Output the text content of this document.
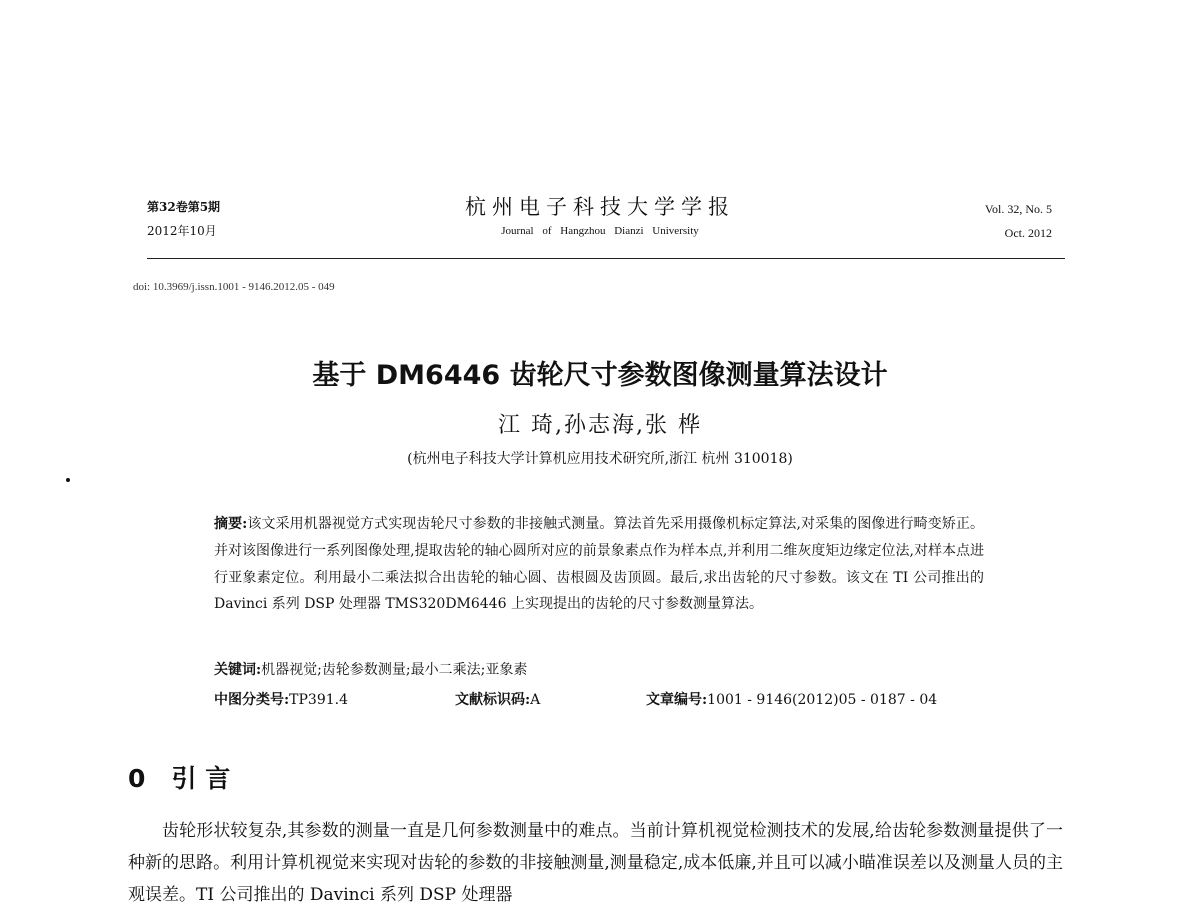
第32卷第5期
2012年10月
杭州电子科技大学学报
Journal of Hangzhou Dianzi University
Vol. 32, No. 5
Oct. 2012
doi: 10.3969/j.issn.1001 - 9146.2012.05 - 049
基于 DM6446 齿轮尺寸参数图像测量算法设计
江 琦,孙志海,张 桦
(杭州电子科技大学计算机应用技术研究所,浙江 杭州 310018)
摘要:该文采用机器视觉方式实现齿轮尺寸参数的非接触式测量。算法首先采用摄像机标定算法,对采集的图像进行畸变矫正。并对该图像进行一系列图像处理,提取齿轮的轴心圆所对应的前景象素点作为样本点,并利用二维灰度矩边缘定位法,对样本点进行亚象素定位。利用最小二乘法拟合出齿轮的轴心圆、齿根圆及齿顶圆。最后,求出齿轮的尺寸参数。该文在 TI 公司推出的 Davinci 系列 DSP 处理器 TMS320DM6446 上实现提出的齿轮的尺寸参数测量算法。
关键词:机器视觉;齿轮参数测量;最小二乘法;亚象素
中图分类号:TP391.4	文献标识码:A	文章编号:1001 - 9146(2012)05 - 0187 - 04
0 引 言
齿轮形状较复杂,其参数的测量一直是几何参数测量中的难点。当前计算机视觉检测技术的发展,给齿轮参数测量提供了一种新的思路。利用计算机视觉来实现对齿轮的参数的非接触测量,测量稳定,成本低廉,并且可以减小瞄准误差以及测量人员的主观误差。TI 公司推出的 Davinci 系列 DSP 处理器
